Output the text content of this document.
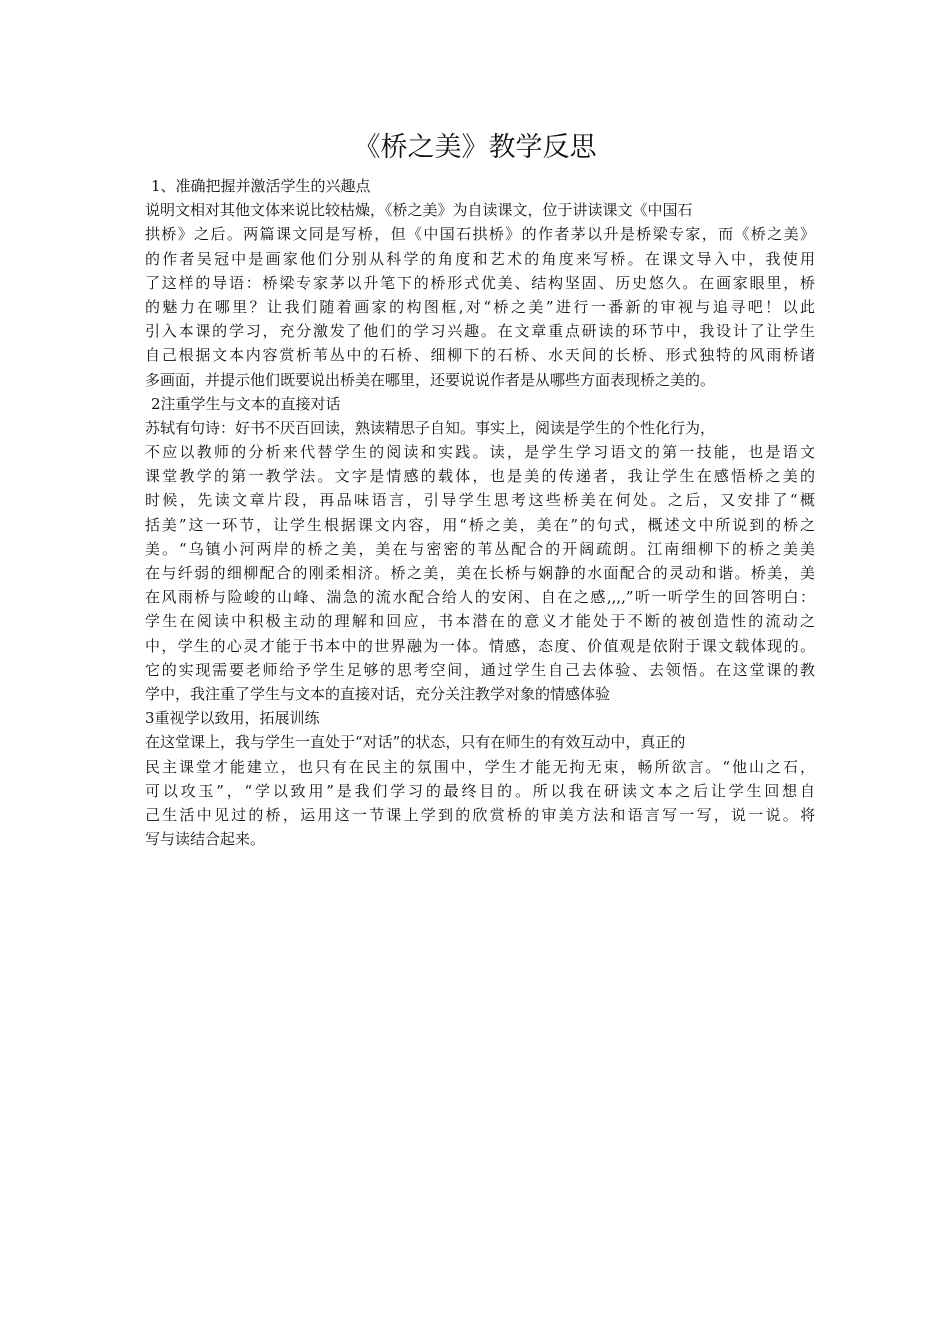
《桥之美》教学反思
1、准确把握并激活学生的兴趣点
说明文相对其他文体来说比较枯燥，《桥之美》为自读课文，位于讲读课文《中国石
拱桥》之后。两篇课文同是写桥，但《中国石拱桥》的作者茅以升是桥梁专家，而《桥之美》
的作者吴冠中是画家他们分别从科学的角度和艺术的角度来写桥。在课文导入中，我使用
了这样的导语：桥梁专家茅以升笔下的桥形式优美、结构坚固、历史悠久。在画家眼里，桥
的魅力在哪里？让我们随着画家的构图框,对“桥之美”进行一番新的审视与追寻吧！以此
引入本课的学习，充分激发了他们的学习兴趣。在文章重点研读的环节中，我设计了让学生
自己根据文本内容赏析苇丛中的石桥、细柳下的石桥、水天间的长桥、形式独特的风雨桥诸
多画面，并提示他们既要说出桥美在哪里，还要说说作者是从哪些方面表现桥之美的。
2注重学生与文本的直接对话
苏轼有句诗：好书不厌百回读，熟读精思子自知。事实上，阅读是学生的个性化行为，
不应以教师的分析来代替学生的阅读和实践。读，是学生学习语文的第一技能，也是语文
课堂教学的第一教学法。文字是情感的载体，也是美的传递者，我让学生在感悟桥之美的
时候，先读文章片段，再品味语言，引导学生思考这些桥美在何处。之后，又安排了“概
括美”这一环节，让学生根据课文内容，用“桥之美，美在”的句式，概述文中所说到的桥之
美。“乌镇小河两岸的桥之美，美在与密密的苇丛配合的开阔疏朗。江南细柳下的桥之美美
在与纤弱的细柳配合的刚柔相济。桥之美，美在长桥与娴静的水面配合的灵动和谐。桥美，美
在风雨桥与险峻的山峰、湍急的流水配合给人的安闲、自在之感,,,,”听一听学生的回答明白：
学生在阅读中积极主动的理解和回应，书本潜在的意义才能处于不断的被创造性的流动之
中，学生的心灵才能于书本中的世界融为一体。情感，态度、价值观是依附于课文载体现的。
它的实现需要老师给予学生足够的思考空间，通过学生自己去体验、去领悟。在这堂课的教
学中，我注重了学生与文本的直接对话，充分关注教学对象的情感体验
3重视学以致用，拓展训练
在这堂课上，我与学生一直处于“对话”的状态，只有在师生的有效互动中，真正的
民主课堂才能建立，也只有在民主的氛围中，学生才能无拘无束，畅所欲言。“他山之石，
可以攻玉”，“学以致用”是我们学习的最终目的。所以我在研读文本之后让学生回想自
己生活中见过的桥，运用这一节课上学到的欣赏桥的审美方法和语言写一写，说一说。将
写与读结合起来。
